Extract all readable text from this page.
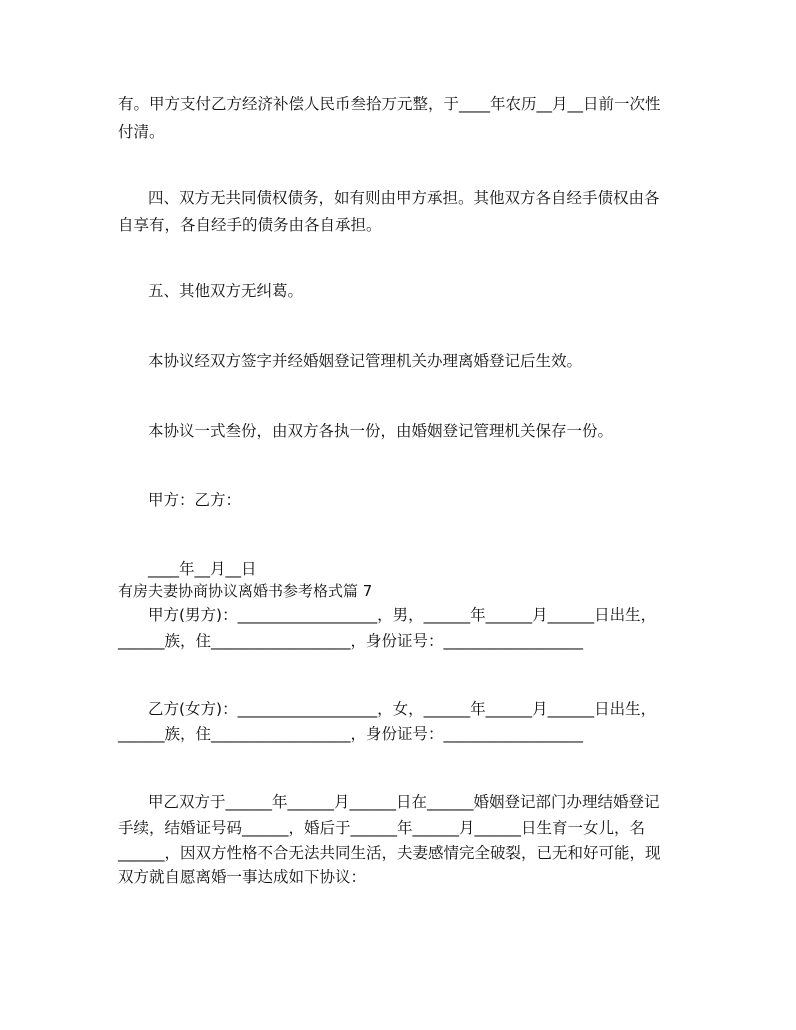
有。甲方支付乙方经济补偿人民币叁拾万元整，于____年农历__月__日前一次性
付清。
四、双方无共同债权债务，如有则由甲方承担。其他双方各自经手债权由各
自享有，各自经手的债务由各自承担。
五、其他双方无纠葛。
本协议经双方签字并经婚姻登记管理机关办理离婚登记后生效。
本协议一式叁份，由双方各执一份，由婚姻登记管理机关保存一份。
甲方：乙方：
____年__月__日
有房夫妻协商协议离婚书参考格式篇 7
甲方(男方)：__________________，男，______年______月______日出生，
______族，住__________________，身份证号：__________________
乙方(女方)：__________________，女，______年______月______日出生，
______族，住__________________，身份证号：__________________
甲乙双方于______年______月______日在______婚姻登记部门办理结婚登记
手续，结婚证号码______，婚后于______年______月______日生育一女儿，名
______，因双方性格不合无法共同生活，夫妻感情完全破裂，已无和好可能，现
双方就自愿离婚一事达成如下协议：
